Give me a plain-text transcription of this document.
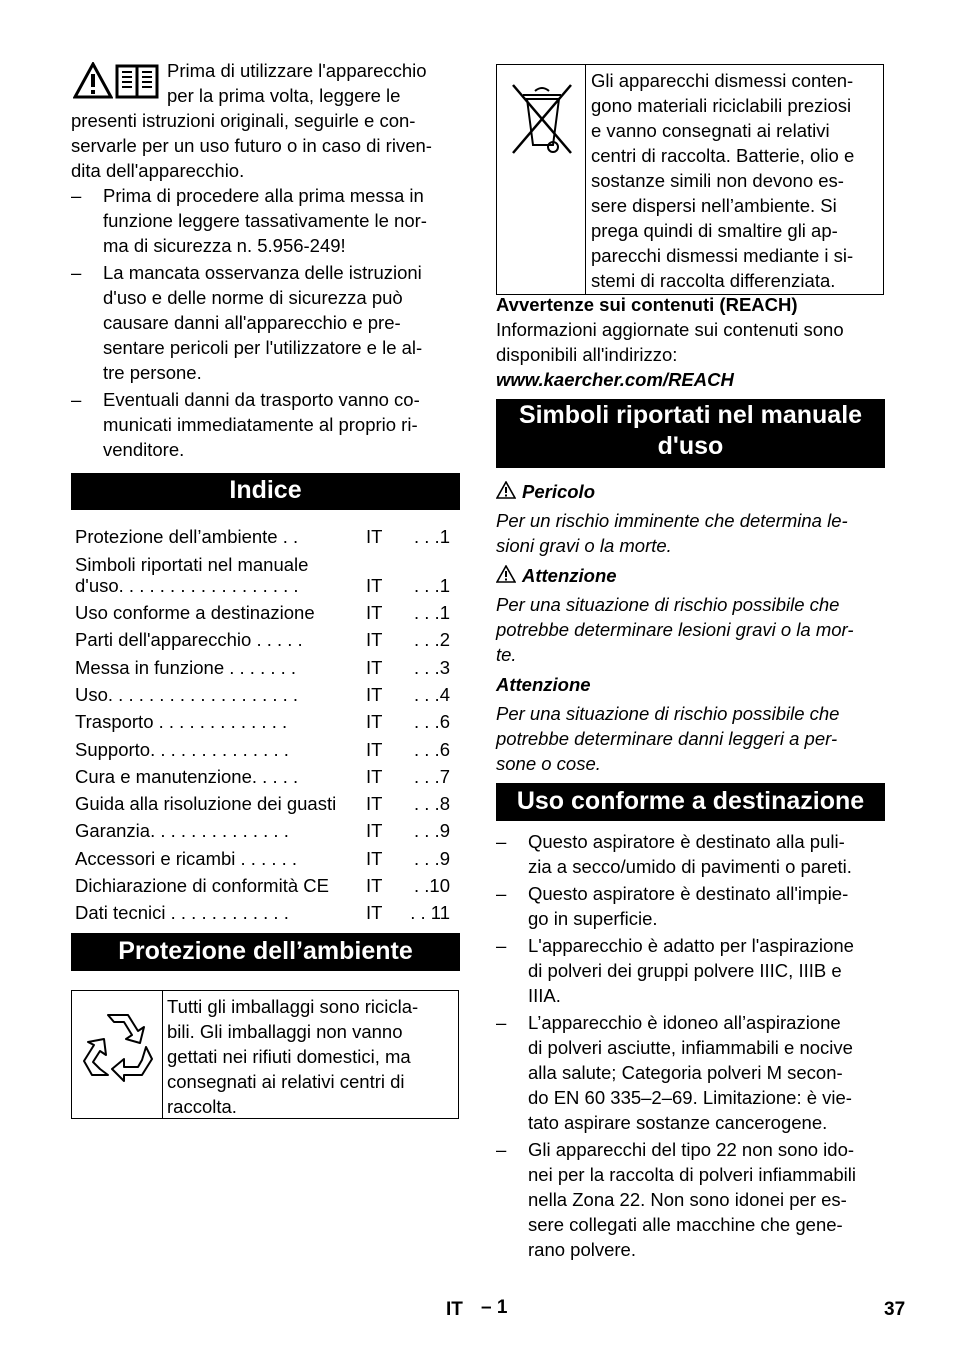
Prima di utilizzare l'apparecchio
per la prima volta, leggere le
presenti istruzioni originali, seguirle e con-
servarle per un uso futuro o in caso di riven-
dita dell'apparecchio.
–	Prima di procedere alla prima messa in
funzione leggere tassativamente le nor-
ma di sicurezza n. 5.956-249!
–	La mancata osservanza delle istruzioni
d'uso e delle norme di sicurezza può
causare danni all'apparecchio e pre-
sentare pericoli per l'utilizzatore e le al-
tre persone.
–	Eventuali danni da trasporto vanno co-
municati immediatamente al proprio ri-
venditore.
Indice
Protezione dell’ambiente . .	IT . . .1
Simboli riportati nel manuale
d'uso. . . . . . . . . . . . . . . . . .	IT . . .1
Uso conforme a destinazione	IT . . .1
Parti dell'apparecchio . . . . .	IT . . .2
Messa in funzione . . . . . . .	IT . . .3
Uso. . . . . . . . . . . . . . . . . . .	IT . . .4
Trasporto . . . . . . . . . . . . .	IT . . .6
Supporto. . . . . . . . . . . . . .	IT . . .6
Cura e manutenzione. . . . .	IT . . .7
Guida alla risoluzione dei guasti IT . . .8
Garanzia. . . . . . . . . . . . . .	IT . . .9
Accessori e ricambi . . . . . .	IT . . .9
Dichiarazione di conformità CE IT . .10
Dati tecnici . . . . . . . . . . . .	IT . . 11
Protezione dell’ambiente
Tutti gli imballaggi sono ricicla-
bili. Gli imballaggi non vanno
gettati nei rifiuti domestici, ma
consegnati ai relativi centri di
raccolta.
Gli apparecchi dismessi conten-
gono materiali riciclabili preziosi
e vanno consegnati ai relativi
centri di raccolta. Batterie, olio e
sostanze simili non devono es-
sere dispersi nell’ambiente. Si
prega quindi di smaltire gli ap-
parecchi dismessi mediante i si-
stemi di raccolta differenziata.
Avvertenze sui contenuti (REACH)
Informazioni aggiornate sui contenuti sono
disponibili all'indirizzo:
www.kaercher.com/REACH
Simboli riportati nel manuale
d'uso
Pericolo
Per un rischio imminente che determina le-
sioni gravi o la morte.
Attenzione
Per una situazione di rischio possibile che
potrebbe determinare lesioni gravi o la mor-
te.
Attenzione
Per una situazione di rischio possibile che
potrebbe determinare danni leggeri a per-
sone o cose.
Uso conforme a destinazione
–	Questo aspiratore è destinato alla puli-
zia a secco/umido di pavimenti o pareti.
–	Questo aspiratore è destinato all'impie-
go in superficie.
–	L'apparecchio è adatto per l'aspirazione
di polveri dei gruppi polvere IIIC, IIIB e
IIIA.
–	L’apparecchio è idoneo all’aspirazione
di polveri asciutte, infiammabili e nocive
alla salute; Categoria polveri M secon-
do EN 60 335–2–69. Limitazione: è vie-
tato aspirare sostanze cancerogene.
–	Gli apparecchi del tipo 22 non sono ido-
nei per la raccolta di polveri infiammabili
nella Zona 22. Non sono idonei per es-
sere collegati alle macchine che gene-
rano polvere.
IT – 1	37
